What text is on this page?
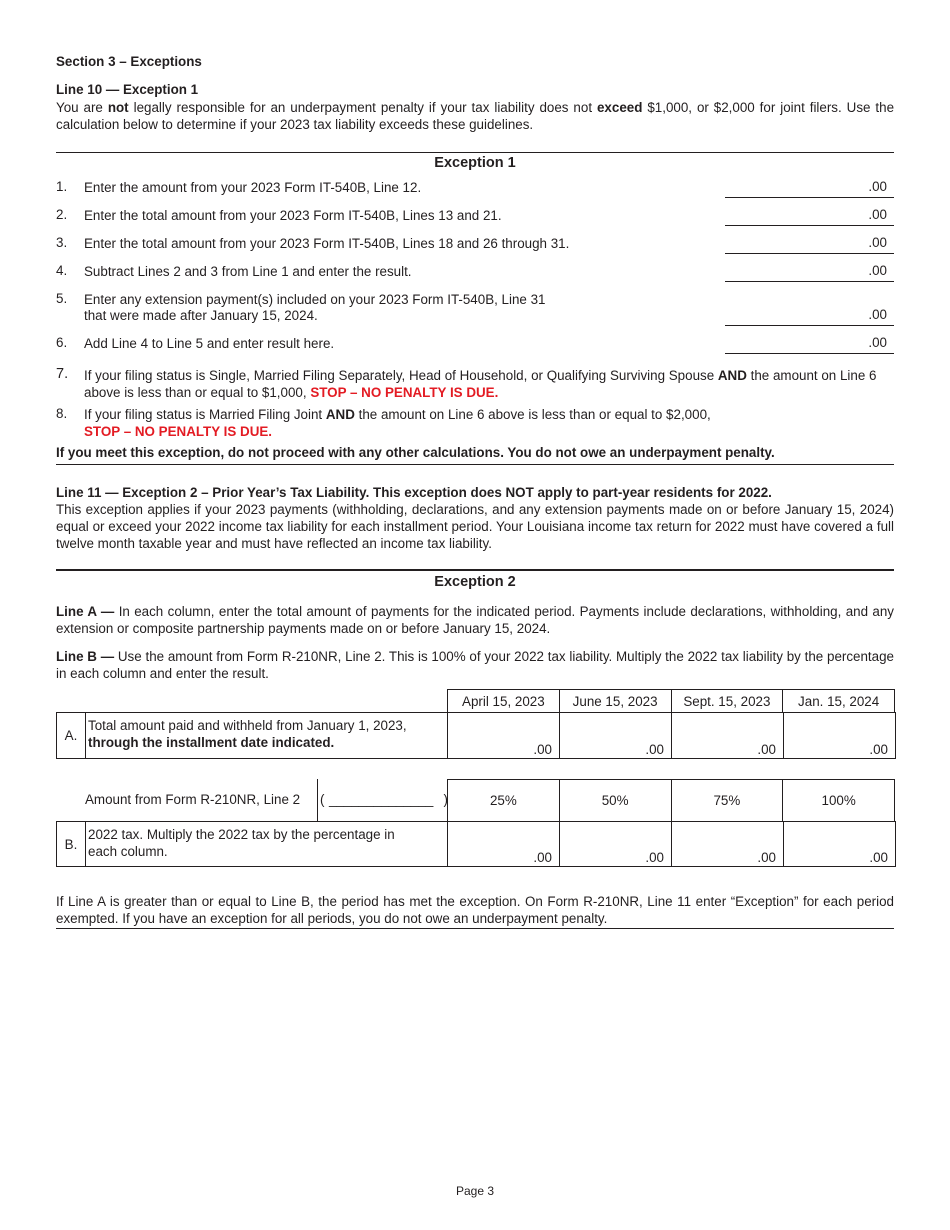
Section 3 – Exceptions
Line 10 — Exception 1
You are not legally responsible for an underpayment penalty if your tax liability does not exceed $1,000, or $2,000 for joint filers. Use the calculation below to determine if your 2023 tax liability exceeds these guidelines.
Exception 1
1. Enter the amount from your 2023 Form IT-540B, Line 12.	.00
2. Enter the total amount from your 2023 Form IT-540B, Lines 13 and 21.	.00
3. Enter the total amount from your 2023 Form IT-540B, Lines 18 and 26 through 31.	.00
4. Subtract Lines 2 and 3 from Line 1 and enter the result.	.00
5. Enter any extension payment(s) included on your 2023 Form IT-540B, Line 31
that were made after January 15, 2024.	.00
6. Add Line 4 to Line 5 and enter result here.	.00
7. If your filing status is Single, Married Filing Separately, Head of Household, or Qualifying Surviving Spouse AND the amount on Line 6 above is less than or equal to $1,000, STOP – NO PENALTY IS DUE.
8. If your filing status is Married Filing Joint AND the amount on Line 6 above is less than or equal to $2,000,
STOP – NO PENALTY IS DUE.
If you meet this exception, do not proceed with any other calculations. You do not owe an underpayment penalty.
Line 11 — Exception 2 – Prior Year’s Tax Liability. This exception does NOT apply to part-year residents for 2022.
This exception applies if your 2023 payments (withholding, declarations, and any extension payments made on or before January 15, 2024) equal or exceed your 2022 income tax liability for each installment period. Your Louisiana income tax return for 2022 must have covered a full twelve month taxable year and must have reflected an income tax liability.
Exception 2
Line A — In each column, enter the total amount of payments for the indicated period. Payments include declarations, withholding, and any extension or composite partnership payments made on or before January 15, 2024.
Line B — Use the amount from Form R-210NR, Line 2. This is 100% of your 2022 tax liability. Multiply the 2022 tax liability by the percentage in each column and enter the result.
April 15, 2023	June 15, 2023	Sept. 15, 2023	Jan. 15, 2024
A.	Total amount paid and withheld from January 1, 2023,
through the installment date indicated.	.00	.00	.00	.00
Amount from Form R-210NR, Line 2 ( ______________ )	25%	50%	75%	100%
B.	2022 tax. Multiply the 2022 tax by the percentage in
each column.	.00	.00	.00	.00
If Line A is greater than or equal to Line B, the period has met the exception. On Form R-210NR, Line 11 enter “Exception” for each period exempted. If you have an exception for all periods, you do not owe an underpayment penalty.
Page 3
